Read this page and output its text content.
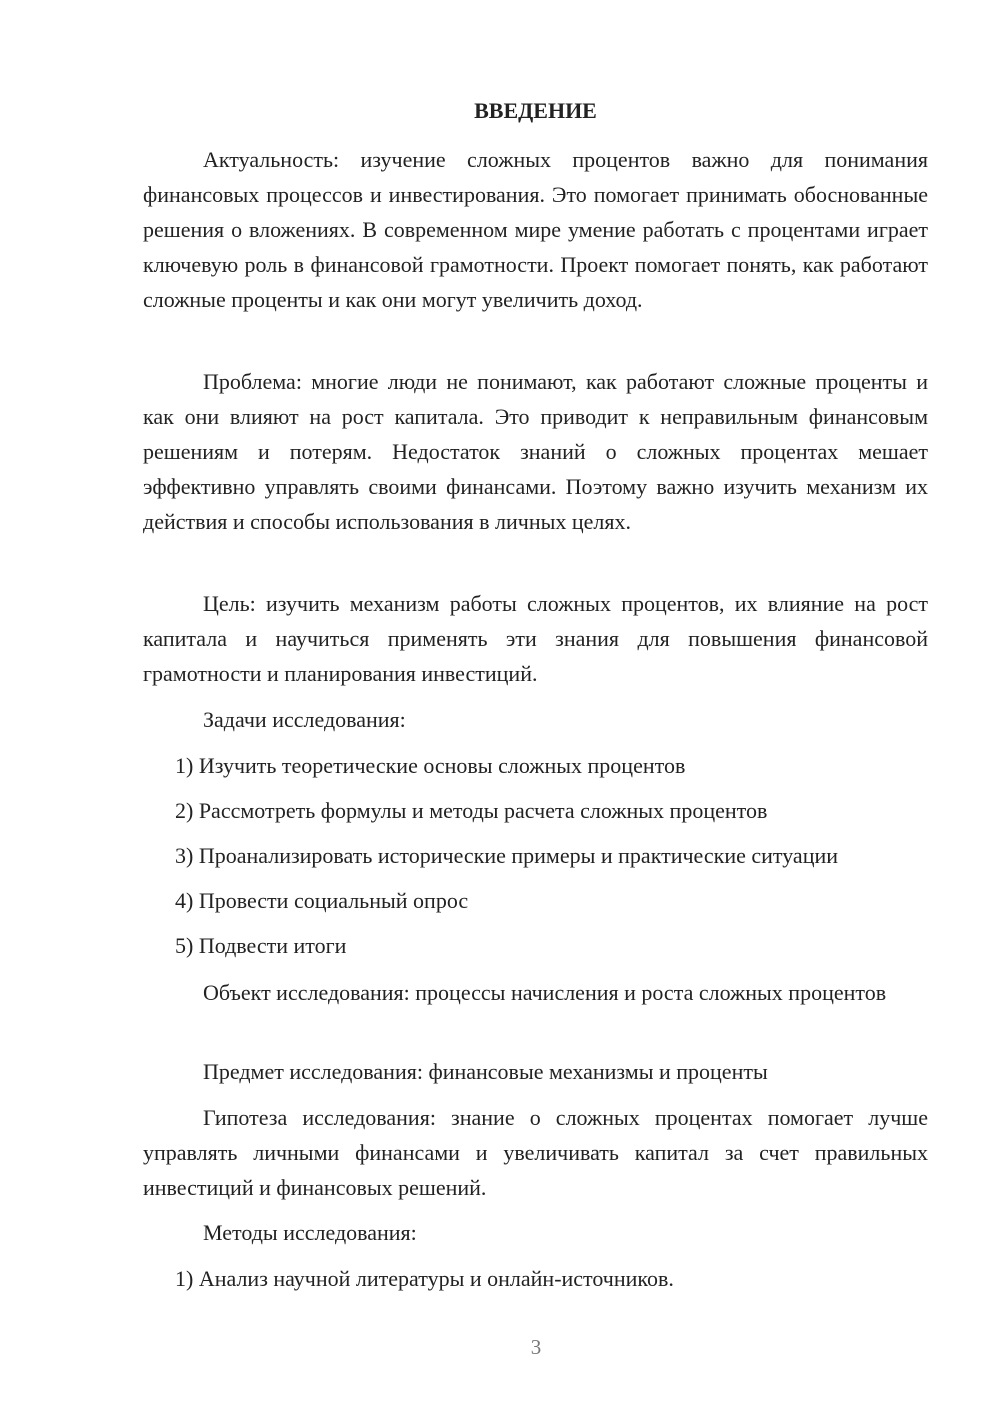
ВВЕДЕНИЕ

Актуальность: изучение сложных процентов важно для понимания финансовых процессов и инвестирования. Это помогает принимать обоснованные решения о вложениях. В современном мире умение работать с процентами играет ключевую роль в финансовой грамотности. Проект помогает понять, как работают сложные проценты и как они могут увеличить доход.

Проблема: многие люди не понимают, как работают сложные проценты и как они влияют на рост капитала. Это приводит к неправильным финансовым решениям и потерям. Недостаток знаний о сложных процентах мешает эффективно управлять своими финансами. Поэтому важно изучить механизм их действия и способы использования в личных целях.

Цель: изучить механизм работы сложных процентов, их влияние на рост капитала и научиться применять эти знания для повышения финансовой грамотности и планирования инвестиций.

Задачи исследования:

1) Изучить теоретические основы сложных процентов

2) Рассмотреть формулы и методы расчета сложных процентов

3) Проанализировать исторические примеры и практические ситуации

4) Провести социальный опрос

5) Подвести итоги

Объект исследования: процессы начисления и роста сложных процентов

Предмет исследования: финансовые механизмы и проценты

Гипотеза исследования: знание о сложных процентах помогает лучше управлять личными финансами и увеличивать капитал за счет правильных инвестиций и финансовых решений.

Методы исследования:

1) Анализ научной литературы и онлайн-источников.

3
